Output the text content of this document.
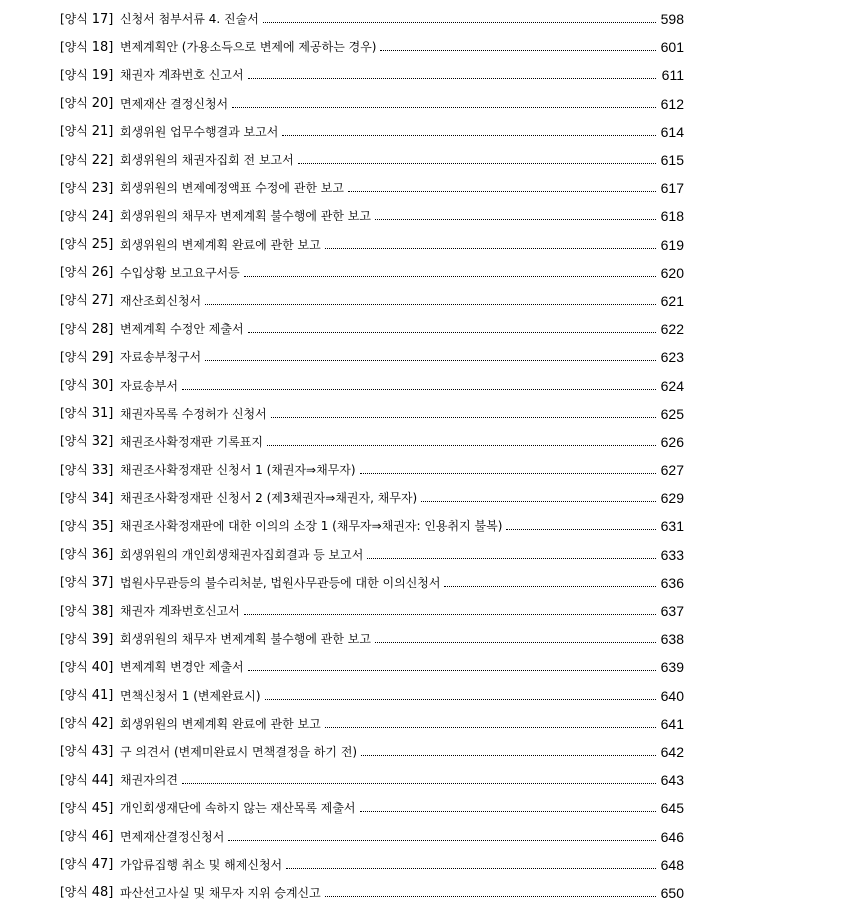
[양식 17] 신청서 첨부서류 4. 진술서	598
[양식 18] 변제계획안 (가용소득으로 변제에 제공하는 경우)	601
[양식 19] 채권자 계좌번호 신고서	611
[양식 20] 면제재산 결정신청서	612
[양식 21] 회생위원 업무수행결과 보고서	614
[양식 22] 회생위원의 채권자집회 전 보고서	615
[양식 23] 회생위원의 변제예정액표 수정에 관한 보고	617
[양식 24] 회생위원의 채무자 변제계획 불수행에 관한 보고	618
[양식 25] 회생위원의 변제계획 완료에 관한 보고	619
[양식 26] 수입상황 보고요구서등	620
[양식 27] 재산조회신청서	621
[양식 28] 변제계획 수정안 제출서	622
[양식 29] 자료송부청구서	623
[양식 30] 자료송부서	624
[양식 31] 채권자목록 수정허가 신청서	625
[양식 32] 채권조사확정재판 기록표지	626
[양식 33] 채권조사확정재판 신청서 1 (채권자⇒채무자)	627
[양식 34] 채권조사확정재판 신청서 2 (제3채권자⇒채권자, 채무자)	629
[양식 35] 채권조사확정재판에 대한 이의의 소장 1 (채무자⇒채권자: 인용취지 불복)	631
[양식 36] 회생위원의 개인회생채권자집회결과 등 보고서	633
[양식 37] 법원사무관등의 불수리처분, 법원사무관등에 대한 이의신청서	636
[양식 38] 채권자 계좌번호신고서	637
[양식 39] 회생위원의 채무자 변제계획 불수행에 관한 보고	638
[양식 40] 변제계획 변경안 제출서	639
[양식 41] 면책신청서 1 (변제완료시)	640
[양식 42] 회생위원의 변제계획 완료에 관한 보고	641
[양식 43] 구 의견서 (변제미완료시 면책결정을 하기 전)	642
[양식 44] 채권자의견	643
[양식 45] 개인회생재단에 속하지 않는 재산목록 제출서	645
[양식 46] 면제재산결정신청서	646
[양식 47] 가압류집행 취소 및 해제신청서	648
[양식 48] 파산선고사실 및 채무자 지위 승계신고	650
